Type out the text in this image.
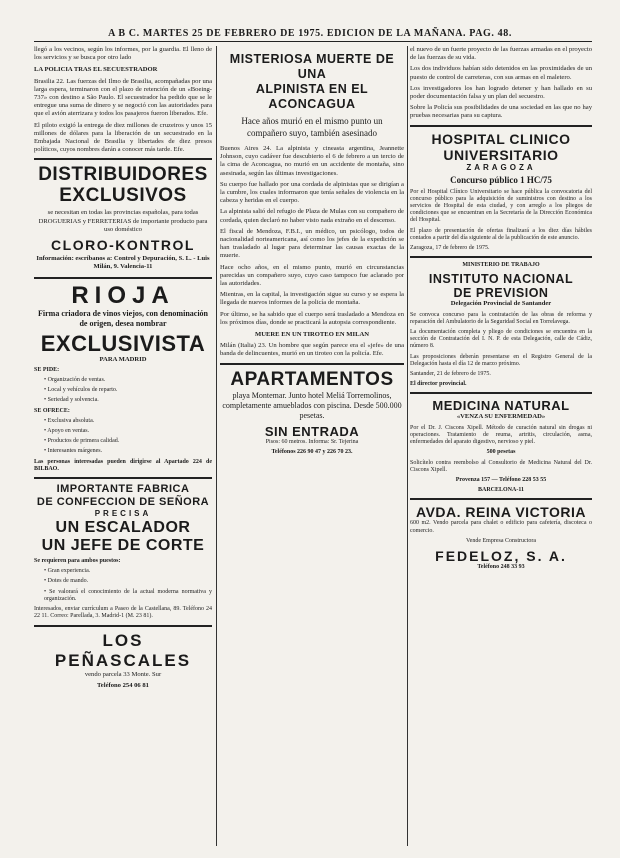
A B C. MARTES 25 DE FEBRERO DE 1975. EDICION DE LA MAÑANA. PAG. 48.

llegó a los vecinos, según los informes, por la guardia. El lleno de los servicios y se busca por otro lado

LA POLICIA TRAS EL SECUESTRADOR

Brasilia 22. Las fuerzas del Ilmo de Brasilia, acompañadas por una larga espera, terminaron con el plazo de retención de un «Boeing-737» con destino a São Paulo. El secuestrador ha pedido que se le entregue una suma de dinero y se negoció con las autoridades para que el avión aterrizara y todos los pasajeros fueron liberados. Efe.

El piloto exigió la entrega de diez millones de cruzeiros y unos 15 millones de dólares para la liberación de un secuestrado en la Embajada Nacional de Brasilia y libertades de diez presos políticos, cuyos nombres darán a conocer más tarde. Efe.

DISTRIBUIDORES
EXCLUSIVOS

se necesitan en todas las provincias españolas, para todas DROGUERIAS y FERRETERIAS de importante producto para uso doméstico

CLORO-KONTROL

Información: escríbanos a: Control y Depuración, S. L. - Luis Milán, 9. Valencia-11

RIOJA

Firma criadora de vinos viejos, con denominación de origen, desea nombrar

EXCLUSIVISTA

PARA MADRID

SE PIDE:

• Organización de ventas.

• Local y vehículos de reparto.

• Seriedad y solvencia.

SE OFRECE:

• Exclusiva absoluta.

• Apoyo en ventas.

• Productos de primera calidad.

• Interesantes márgenes.

Las personas interesadas pueden dirigirse al Apartado 224 de BILBAO.

IMPORTANTE FABRICA
DE CONFECCION DE SEÑORA
PRECISA
UN ESCALADOR
UN JEFE DE CORTE

Se requieren para ambos puestos:

• Gran experiencia.

• Dotes de mando.

• Se valorará el conocimiento de la actual moderna normativa y organización.

Interesados, enviar currículum a Paseo de la Castellana, 89. Teléfono 24 22 11. Correo: Parellada, 3. Madrid-1 (M. 23 81).

LOS PEÑASCALES

vendo parcela 33 Monte. Sur

Teléfono 254 06 81

MISTERIOSA MUERTE DE UNA
ALPINISTA EN EL ACONCAGUA

Hace años murió en el mismo punto un compañero suyo, también asesinado

Buenos Aires 24. La alpinista y cineasta argentina, Jeannette Johnson, cuyo cadáver fue descubierto el 6 de febrero a un tercio de la cima de Aconcagua, no murió en un accidente de montaña, sino asesinada, según las últimas investigaciones.

Su cuerpo fue hallado por una cordada de alpinistas que se dirigían a la cumbre, los cuales informaron que tenía señales de violencia en la cabeza y heridas en el cuerpo.

La alpinista salió del refugio de Plaza de Mulas con su compañero de cordada, quien declaró no haber visto nada extraño en el descenso.

El fiscal de Mendoza, F.B.I., un médico, un psicólogo, todos de nacionalidad norteamericana, así como los jefes de la expedición se han trasladado al lugar para determinar las causas exactas de la muerte.

Hace ocho años, en el mismo punto, murió en circunstancias parecidas un compañero suyo, cuyo caso tampoco fue aclarado por las autoridades.

Mientras, en la capital, la investigación sigue su curso y se espera la llegada de nuevos informes de la policía de montaña.

Por último, se ha sabido que el cuerpo será trasladado a Mendoza en los próximos días, donde se practicará la autopsia correspondiente.

MUERE EN UN TIROTEO EN MILAN

Milán (Italia) 23. Un hombre que según parece era el «jefe» de una banda de delincuentes, murió en un tiroteo con la policía. Efe.

APARTAMENTOS

playa Montemar. Junto hotel Meliá Torremolinos, completamente amueblados con piscina. Desde 500.000 pesetas.

SIN ENTRADA

Pisos: 60 metros. Informa: Sr. Tejerina

Teléfonos 226 90 47 y 226 70 23.

el nuevo de un fuerte proyecto de las fuerzas armadas en el proyecto de las fuerzas de su vida.

Los dos individuos habían sido detenidos en las proximidades de un puesto de control de carreteras, con sus armas en el maletero.

Los investigadores los han logrado detener y han hallado en su poder documentación falsa y un plan del secuestro.

Sobre la Policía sus posibilidades de una sociedad en las que no hay pruebas necesarias para su captura.

HOSPITAL CLINICO
UNIVERSITARIO
ZARAGOZA

Concurso público 1 HC/75

Por el Hospital Clínico Universitario se hace pública la convocatoria del concurso público para la adquisición de suministros con destino a los servicios de Hospital de esta ciudad, y con arreglo a los pliegos de condiciones que se encuentran en la Secretaría de la Dirección Económica del Hospital.

El plazo de presentación de ofertas finalizará a los diez días hábiles contados a partir del día siguiente al de la publicación de este anuncio.

Zaragoza, 17 de febrero de 1975.

MINISTERIO DE TRABAJO

INSTITUTO NACIONAL
DE PREVISION

Delegación Provincial de Santander

Se convoca concurso para la contratación de las obras de reforma y reparación del Ambulatorio de la Seguridad Social en Torrelavega.

La documentación completa y pliego de condiciones se encuentra en la sección de Contratación del I. N. P. de esta Delegación, calle de Cádiz, número 8.

Las proposiciones deberán presentarse en el Registro General de la Delegación hasta el día 12 de marzo próximo.

Santander, 21 de febrero de 1975.

El director provincial.

MEDICINA NATURAL

«VENZA SU ENFERMEDAD»

Por el Dr. J. Ciscons Xipell. Método de curación natural sin drogas ni operaciones. Tratamiento de reuma, artritis, circulación, asma, enfermedades del aparato digestivo, nervioso y piel.

500 pesetas

Solicítelo contra reembolso al Consultorio de Medicina Natural del Dr. Ciscons Xipell.

Provenza 157 — Teléfono 228 53 55

BARCELONA-11

AVDA. REINA VICTORIA

600 m2. Vendo parcela para chalet o edificio para cafetería, discoteca o comercio.

Vende Empresa Constructora

FEDELOZ, S. A.

Teléfono 248 33 93
